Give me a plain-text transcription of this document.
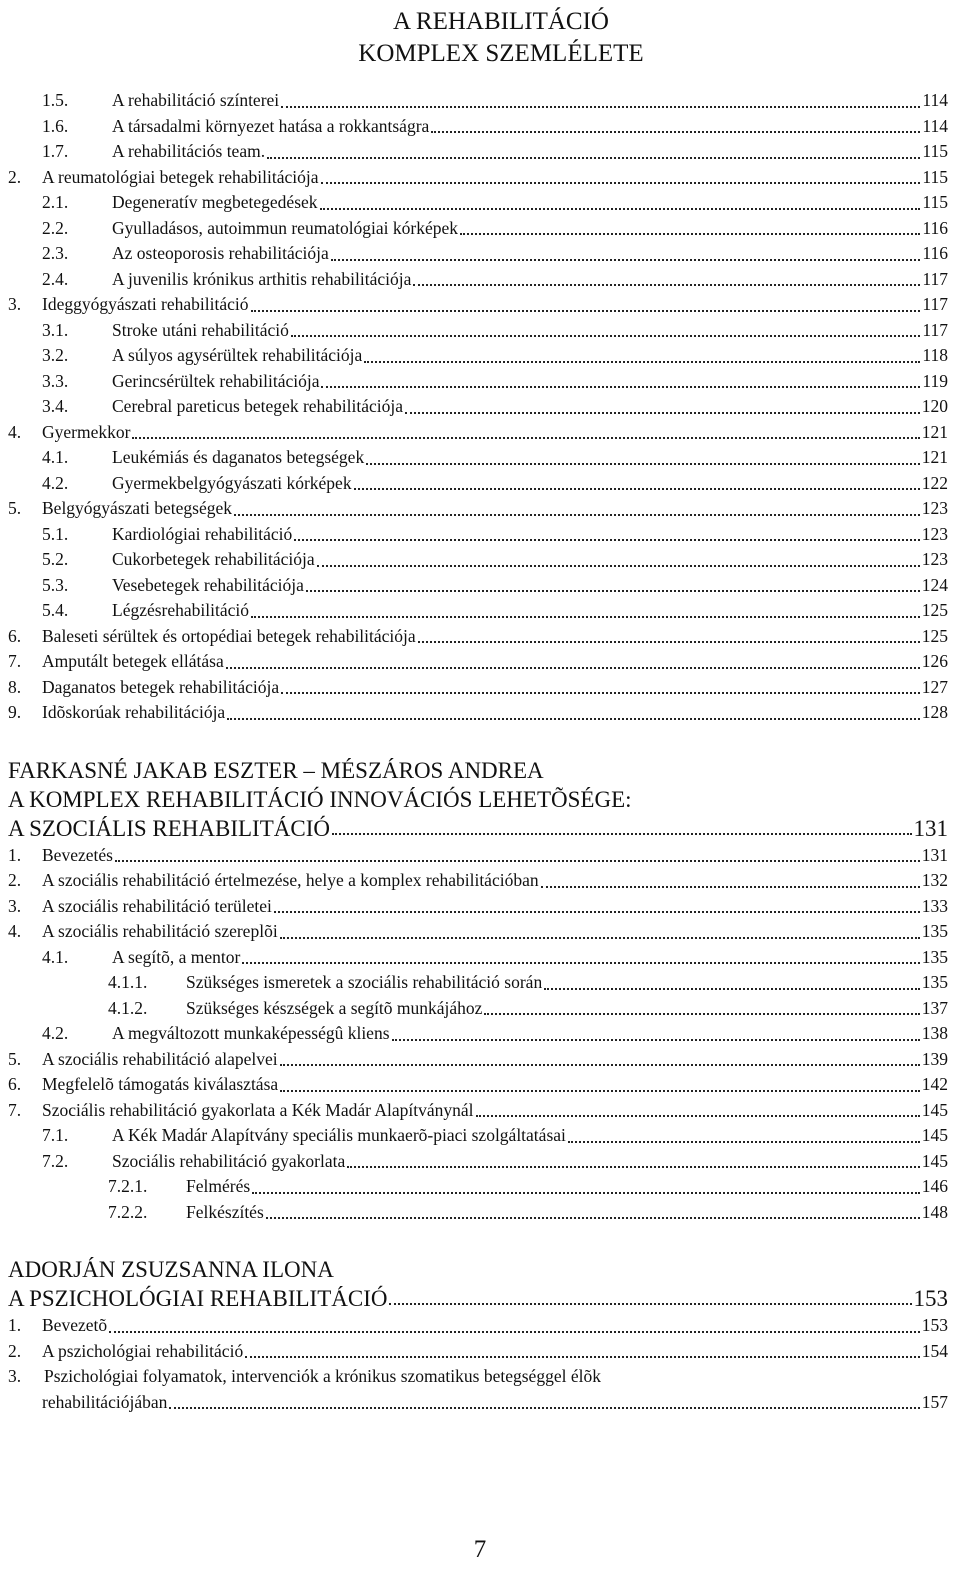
A REHABILITÁCIÓ
KOMPLEX SZEMLÉLETE
1.5.	A rehabilitáció színterei	114
1.6.	A társadalmi környezet hatása a rokkantságra	114
1.7.	A rehabilitációs team.	115
2.	A reumatológiai betegek rehabilitációja	115
2.1.	Degeneratív megbetegedések	115
2.2.	Gyulladásos, autoimmun reumatológiai kórképek	116
2.3.	Az osteoporosis rehabilitációja	116
2.4.	A juvenilis krónikus arthitis rehabilitációja	117
3.	Ideggyógyászati rehabilitáció	117
3.1.	Stroke utáni rehabilitáció	117
3.2.	A súlyos agysérültek rehabilitációja	118
3.3.	Gerincsérültek rehabilitációja	119
3.4.	Cerebral pareticus betegek rehabilitációja	120
4.	Gyermekkor	121
4.1.	Leukémiás és daganatos betegségek	121
4.2.	Gyermekbelgyógyászati kórképek	122
5.	Belgyógyászati betegségek	123
5.1.	Kardiológiai rehabilitáció	123
5.2.	Cukorbetegek rehabilitációja	123
5.3.	Vesebetegek rehabilitációja	124
5.4.	Légzésrehabilitáció	125
6.	Baleseti sérültek és ortopédiai betegek rehabilitációja	125
7.	Amputált betegek ellátása	126
8.	Daganatos betegek rehabilitációja	127
9.	Idõskorúak rehabilitációja	128
FARKASNÉ JAKAB ESZTER – MÉSZÁROS ANDREA
A KOMPLEX REHABILITÁCIÓ INNOVÁCIÓS LEHETÕSÉGE:
A SZOCIÁLIS REHABILITÁCIÓ	131
1.	Bevezetés	131
2.	A szociális rehabilitáció értelmezése, helye a komplex rehabilitációban	132
3.	A szociális rehabilitáció területei	133
4.	A szociális rehabilitáció szereplõi	135
4.1.	A segítõ, a mentor	135
4.1.1.	Szükséges ismeretek a szociális rehabilitáció során	135
4.1.2.	Szükséges készségek a segítõ munkájához	137
4.2.	A megváltozott munkaképességû kliens	138
5.	A szociális rehabilitáció alapelvei	139
6.	Megfelelõ támogatás kiválasztása	142
7.	Szociális rehabilitáció gyakorlata a Kék Madár Alapítványnál	145
7.1.	A Kék Madár Alapítvány speciális munkaerõ-piaci szolgáltatásai	145
7.2.	Szociális rehabilitáció gyakorlata	145
7.2.1.	Felmérés	146
7.2.2.	Felkészítés	148
ADORJÁN ZSUZSANNA ILONA
A PSZICHOLÓGIAI REHABILITÁCIÓ	153
1.	Bevezetõ	153
2.	A pszichológiai rehabilitáció	154
3.	Pszichológiai folyamatok, intervenciók a krónikus szomatikus betegséggel élõk
rehabilitációjában	157
7
